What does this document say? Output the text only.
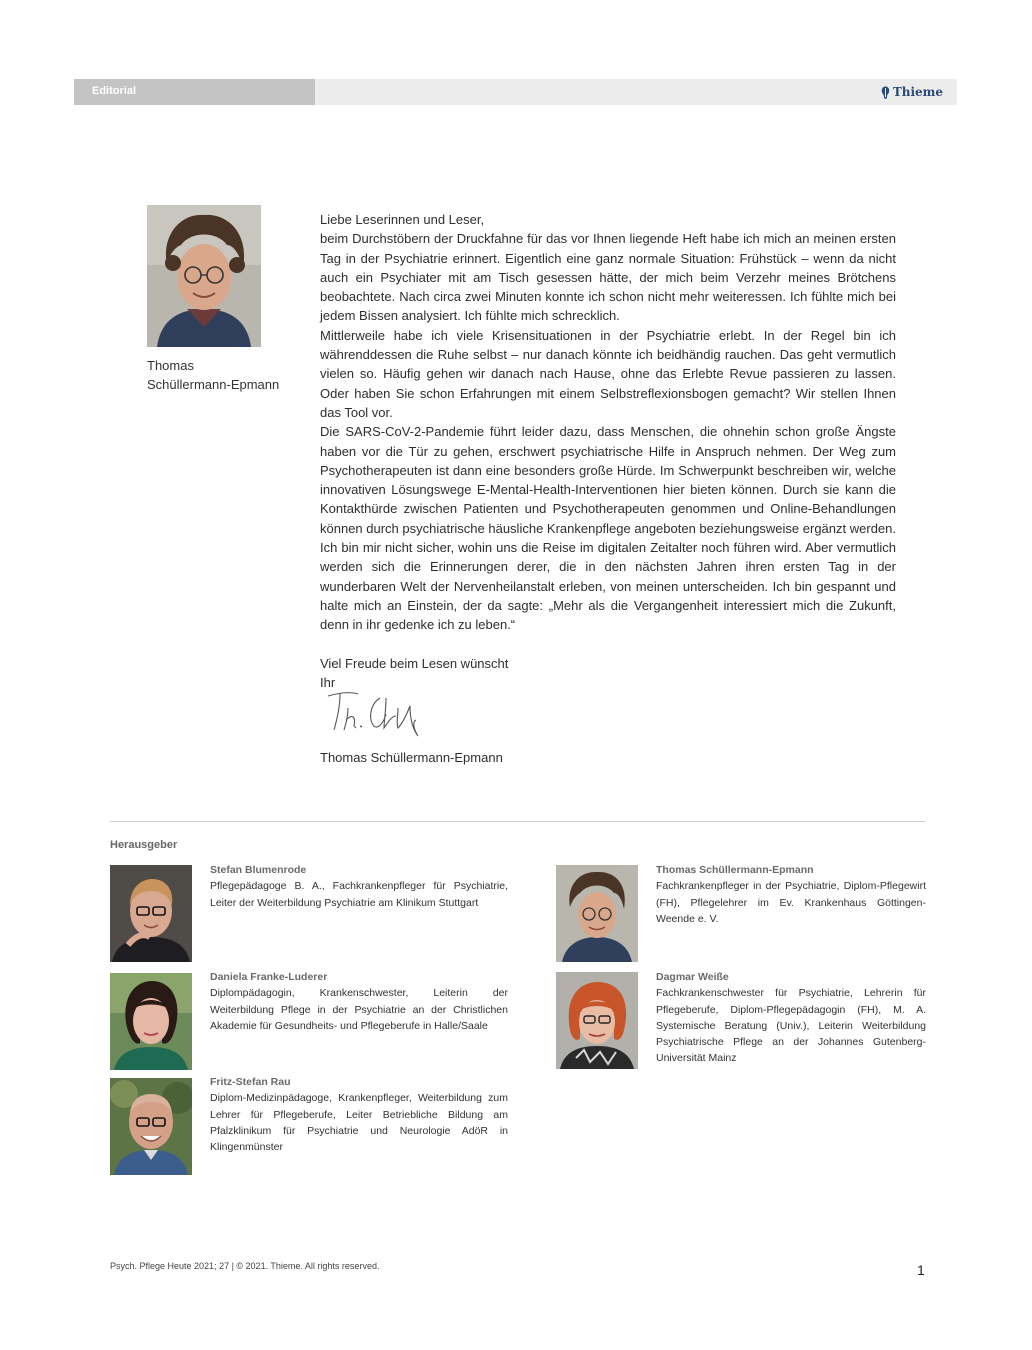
Editorial	Thieme
Thomas
Schüllermann-Epmann

Liebe Leserinnen und Leser,

beim Durchstöbern der Druckfahne für das vor Ihnen liegende Heft habe ich mich an meinen ersten Tag in der Psychiatrie erinnert. Eigentlich eine ganz normale Situation: Frühstück – wenn da nicht auch ein Psychiater mit am Tisch gesessen hätte, der mich beim Verzehr meines Brötchens beobachtete. Nach circa zwei Minuten konnte ich schon nicht mehr weiteressen. Ich fühlte mich bei jedem Bissen analysiert. Ich fühlte mich schrecklich.

Mittlerweile habe ich viele Krisensituationen in der Psychiatrie erlebt. In der Regel bin ich währenddessen die Ruhe selbst – nur danach könnte ich beidhändig rauchen. Das geht vermutlich vielen so. Häufig gehen wir danach nach Hause, ohne das Erlebte Revue passieren zu lassen. Oder haben Sie schon Erfahrungen mit einem Selbstreflexionsbogen gemacht? Wir stellen Ihnen das Tool vor.

Die SARS-CoV-2-Pandemie führt leider dazu, dass Menschen, die ohnehin schon große Ängste haben vor die Tür zu gehen, erschwert psychiatrische Hilfe in Anspruch nehmen. Der Weg zum Psychotherapeuten ist dann eine besonders große Hürde. Im Schwerpunkt beschreiben wir, welche innovativen Lösungswege E-Mental-Health-Interventionen hier bieten können. Durch sie kann die Kontakthürde zwischen Patienten und Psychotherapeuten genommen und Online-Behandlungen können durch psychiatrische häusliche Krankenpflege angeboten beziehungsweise ergänzt werden.

Ich bin mir nicht sicher, wohin uns die Reise im digitalen Zeitalter noch führen wird. Aber vermutlich werden sich die Erinnerungen derer, die in den nächsten Jahren ihren ersten Tag in der wunderbaren Welt der Nervenheilanstalt erleben, von meinen unterscheiden. Ich bin gespannt und halte mich an Einstein, der da sagte: „Mehr als die Vergangenheit interessiert mich die Zukunft, denn in ihr gedenke ich zu leben.“

Viel Freude beim Lesen wünscht

Ihr

Thomas Schüllermann-Epmann
Herausgeber
Stefan Blumenrode
Pflegepädagoge B. A., Fachkrankenpfleger für Psychiatrie, Leiter der Weiterbildung Psychiatrie am Klinikum Stuttgart
Daniela Franke-Luderer
Diplompädagogin, Krankenschwester, Leiterin der Weiterbildung Pflege in der Psychiatrie an der Christlichen Akademie für Gesundheits- und Pflegeberufe in Halle/Saale
Fritz-Stefan Rau
Diplom-Medizinpädagoge, Krankenpfleger, Weiterbildung zum Lehrer für Pflegeberufe, Leiter Betriebliche Bildung am Pfalzklinikum für Psychiatrie und Neurologie AdöR in Klingenmünster
Thomas Schüllermann-Epmann
Fachkrankenpfleger in der Psychiatrie, Diplom-Pflegewirt (FH), Pflegelehrer im Ev. Krankenhaus Göttingen-Weende e. V.
Dagmar Weiße
Fachkrankenschwester für Psychiatrie, Lehrerin für Pflegeberufe, Diplom-Pflegepädagogin (FH), M. A. Systemische Beratung (Univ.), Leiterin Weiterbildung Psychiatrische Pflege an der Johannes Gutenberg-Universität Mainz
Psych. Pflege Heute 2021; 27 | © 2021. Thieme. All rights reserved.	1
